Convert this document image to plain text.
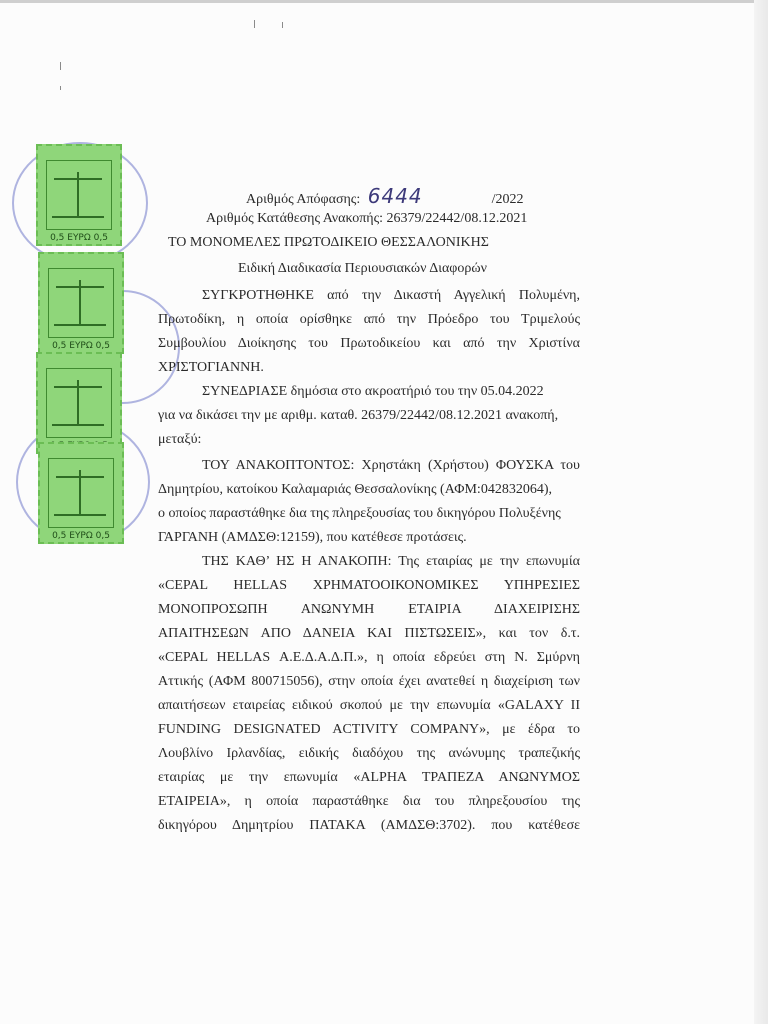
0,5 ΕΥΡΩ 0,5
0,5 ΕΥΡΩ 0,5
0,5 ΕΥΡΩ 0,5
Αριθμός Απόφασης: 6444	/2022
Αριθμός Κατάθεσης Ανακοπής: 26379/22442/08.12.2021
ΤΟ ΜΟΝΟΜΕΛΕΣ ΠΡΩΤΟΔΙΚΕΙΟ ΘΕΣΣΑΛΟΝΙΚΗΣ
Ειδική Διαδικασία Περιουσιακών Διαφορών
ΣΥΓΚΡΟΤΗΘΗΚΕ από την Δικαστή Αγγελική Πολυμένη,
Πρωτοδίκη, η οποία ορίσθηκε από την Πρόεδρο του Τριμελούς
Συμβουλίου Διοίκησης του Πρωτοδικείου και από την Χριστίνα
ΧΡΙΣΤΟΓΙΑΝΝΗ.
ΣΥΝΕΔΡΙΑΣΕ δημόσια στο ακροατήριό του την 05.04.2022
για να δικάσει την με αριθμ. καταθ. 26379/22442/08.12.2021 ανακοπή,
μεταξύ:
ΤΟΥ ΑΝΑΚΟΠΤΟΝΤΟΣ: Χρηστάκη (Χρήστου) ΦΟΥΣΚΑ του
Δημητρίου, κατοίκου Καλαμαριάς Θεσσαλονίκης (ΑΦΜ:042832064),
ο οποίος παραστάθηκε δια της πληρεξουσίας του δικηγόρου Πολυξένης
ΓΑΡΓΑΝΗ (ΑΜΔΣΘ:12159), που κατέθεσε προτάσεις.
ΤΗΣ ΚΑΘ’ ΗΣ Η ΑΝΑΚΟΠΗ: Της εταιρίας με την επωνυμία
«CEPAL HELLAS ΧΡΗΜΑΤΟΟΙΚΟΝΟΜΙΚΕΣ ΥΠΗΡΕΣΙΕΣ
ΜΟΝΟΠΡΟΣΩΠΗ ΑΝΩΝΥΜΗ ΕΤΑΙΡΙΑ ΔΙΑΧΕΙΡΙΣΗΣ
ΑΠΑΙΤΗΣΕΩΝ ΑΠΟ ΔΑΝΕΙΑ ΚΑΙ ΠΙΣΤΩΣΕΙΣ», και τον δ.τ.
«CEPAL HELLAS Α.Ε.Δ.Α.Δ.Π.», η οποία εδρεύει στη Ν. Σμύρνη
Αττικής (ΑΦΜ 800715056), στην οποία έχει ανατεθεί η διαχείριση των
απαιτήσεων εταιρείας ειδικού σκοπού με την επωνυμία «GALAXY II
FUNDING DESIGNATED ACTIVITY COMPANY», με έδρα το
Λουβλίνο Ιρλανδίας, ειδικής διαδόχου της ανώνυμης τραπεζικής
εταιρίας με την επωνυμία «ALPHA ΤΡΑΠΕΖΑ ΑΝΩΝΥΜΟΣ
ΕΤΑΙΡΕΙΑ», η οποία παραστάθηκε δια του πληρεξουσίου της
δικηγόρου Δημητρίου ΠΑΤΑΚΑ (ΑΜΔΣΘ:3702). που κατέθεσε
